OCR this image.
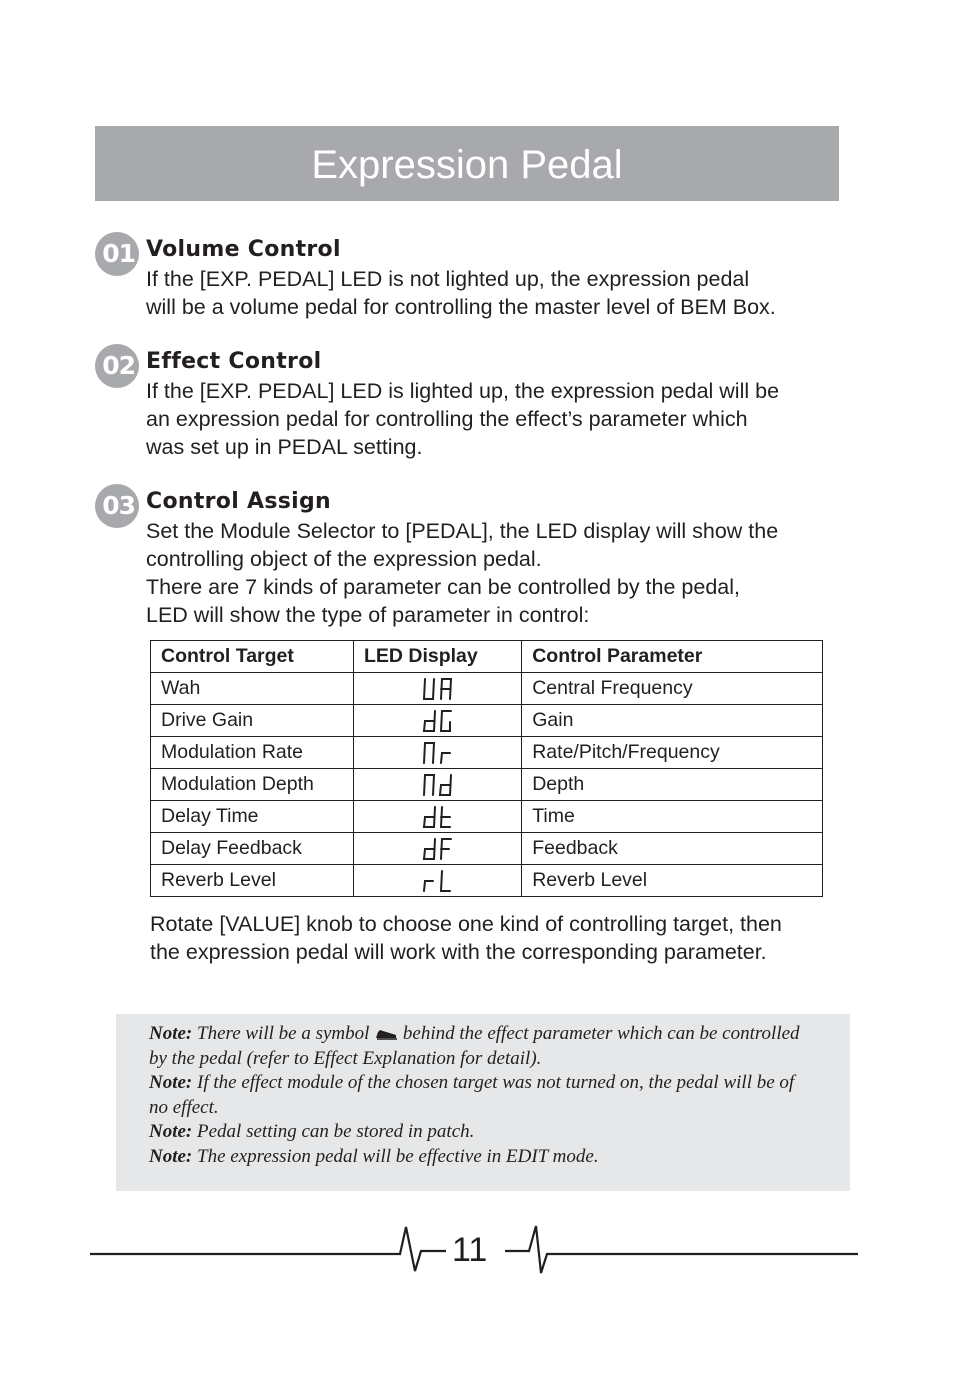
Expression Pedal
01 Volume Control
If the [EXP. PEDAL] LED is not lighted up, the expression pedal
will be a volume pedal for controlling the master level of BEM Box.
02 Effect Control
If the [EXP. PEDAL] LED is lighted up, the expression pedal will be
an expression pedal for controlling the effect’s parameter which
was set up in PEDAL setting.
03 Control Assign
Set the Module Selector to [PEDAL], the LED display will show the
controlling object of the expression pedal.
There are 7 kinds of parameter can be controlled by the pedal,
LED will show the type of parameter in control:
Control Target	LED Display	Control Parameter
Wah		Central Frequency
Drive Gain		Gain
Modulation Rate		Rate/Pitch/Frequency
Modulation Depth		Depth
Delay Time		Time
Delay Feedback		Feedback
Reverb Level		Reverb Level
Rotate [VALUE] knob to choose one kind of controlling target, then
the expression pedal will work with the corresponding parameter.
Note: There will be a symbol behind the effect parameter which can be controlled
by the pedal (refer to Effect Explanation for detail).
Note: If the effect module of the chosen target was not turned on, the pedal will be of
no effect.
Note: Pedal setting can be stored in patch.
Note: The expression pedal will be effective in EDIT mode.
11
